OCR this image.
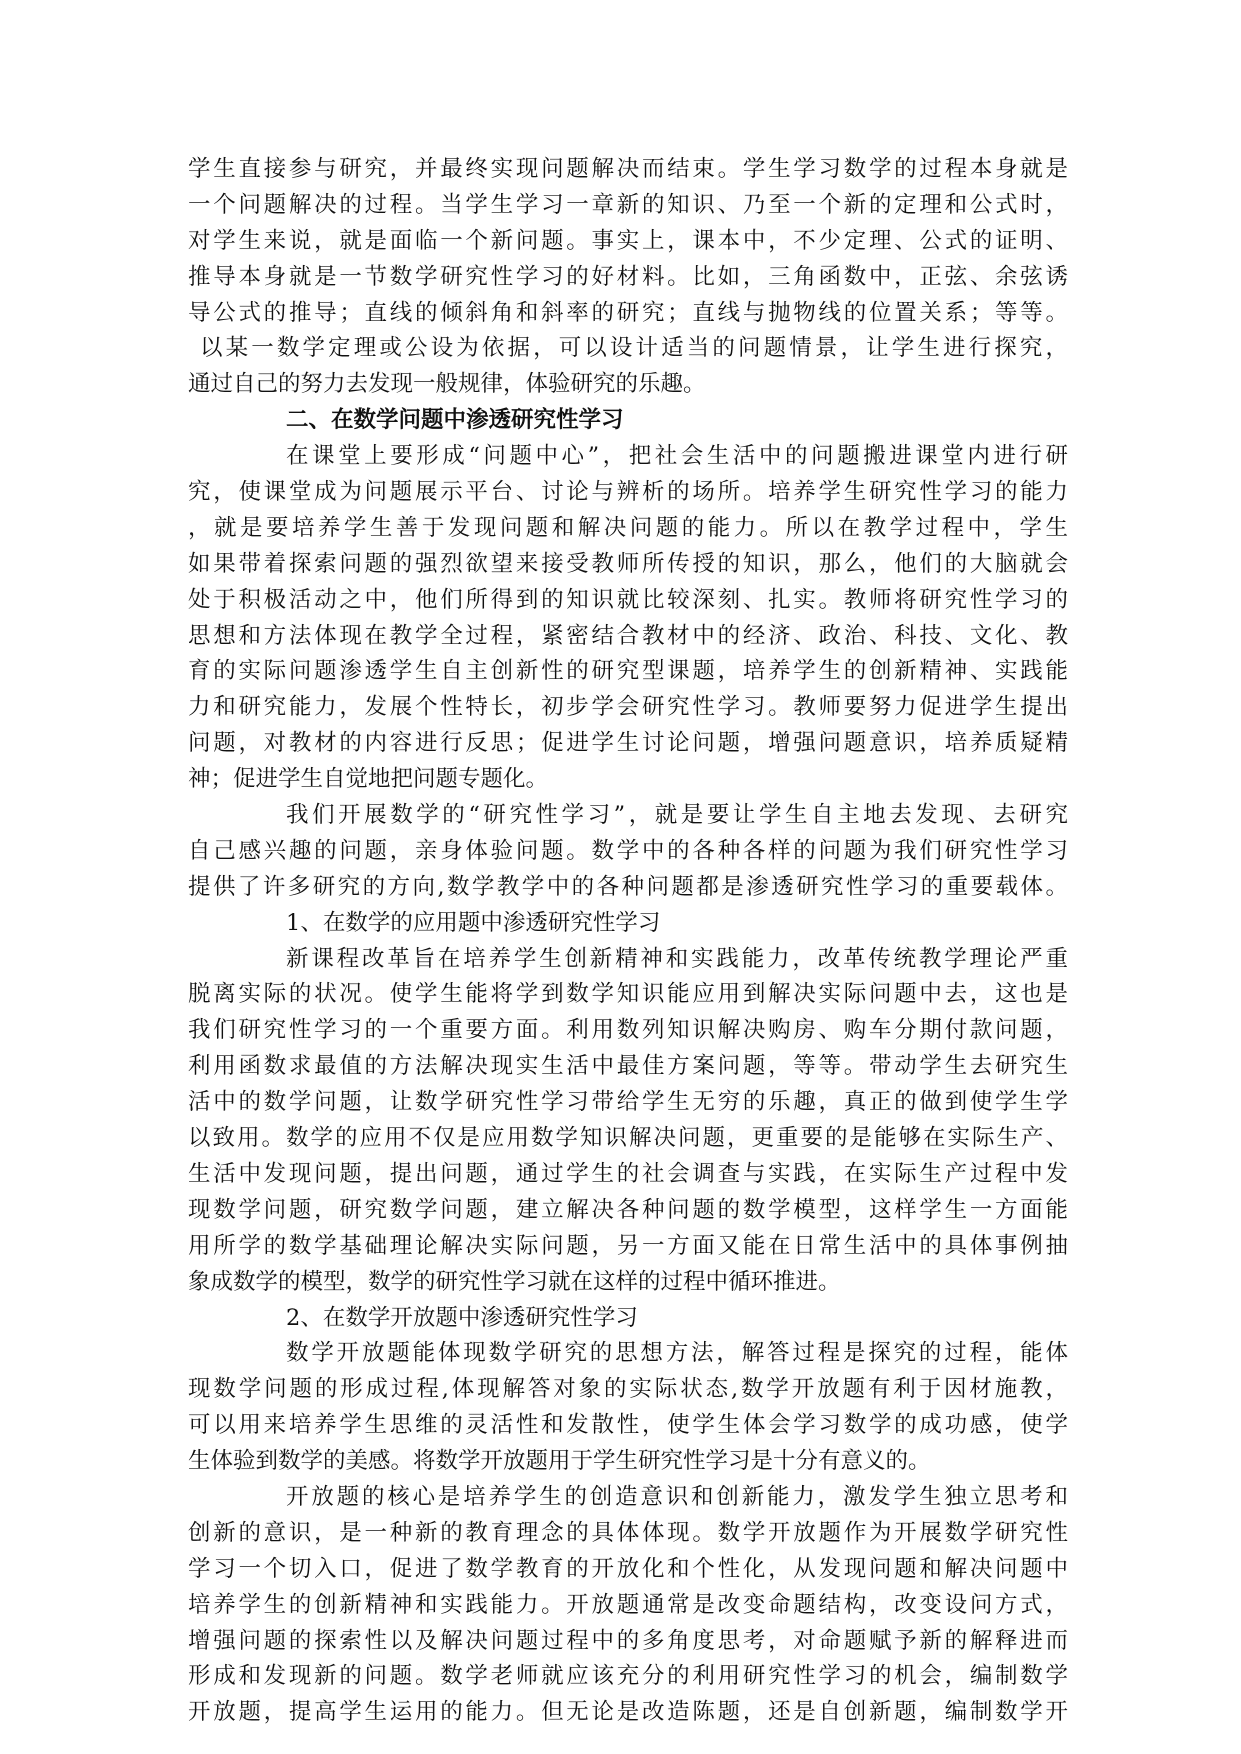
学生直接参与研究，并最终实现问题解决而结束。学生学习数学的过程本身就是
一个问题解决的过程。当学生学习一章新的知识、乃至一个新的定理和公式时，
对学生来说，就是面临一个新问题。事实上，课本中，不少定理、公式的证明、
推导本身就是一节数学研究性学习的好材料。比如，三角函数中，正弦、余弦诱
导公式的推导；直线的倾斜角和斜率的研究；直线与抛物线的位置关系；等等。
以某一数学定理或公设为依据，可以设计适当的问题情景，让学生进行探究，
通过自己的努力去发现一般规律，体验研究的乐趣。
二、在数学问题中渗透研究性学习
在课堂上要形成“问题中心”，把社会生活中的问题搬进课堂内进行研
究，使课堂成为问题展示平台、讨论与辨析的场所。培养学生研究性学习的能力
，就是要培养学生善于发现问题和解决问题的能力。所以在教学过程中，学生
如果带着探索问题的强烈欲望来接受教师所传授的知识，那么，他们的大脑就会
处于积极活动之中，他们所得到的知识就比较深刻、扎实。教师将研究性学习的
思想和方法体现在教学全过程，紧密结合教材中的经济、政治、科技、文化、教
育的实际问题渗透学生自主创新性的研究型课题，培养学生的创新精神、实践能
力和研究能力，发展个性特长，初步学会研究性学习。教师要努力促进学生提出
问题，对教材的内容进行反思；促进学生讨论问题，增强问题意识，培养质疑精
神；促进学生自觉地把问题专题化。
我们开展数学的“研究性学习”，就是要让学生自主地去发现、去研究
自己感兴趣的问题，亲身体验问题。数学中的各种各样的问题为我们研究性学习
提供了许多研究的方向,数学教学中的各种问题都是渗透研究性学习的重要载体。
1、在数学的应用题中渗透研究性学习
新课程改革旨在培养学生创新精神和实践能力，改革传统教学理论严重
脱离实际的状况。使学生能将学到数学知识能应用到解决实际问题中去，这也是
我们研究性学习的一个重要方面。利用数列知识解决购房、购车分期付款问题，
利用函数求最值的方法解决现实生活中最佳方案问题，等等。带动学生去研究生
活中的数学问题，让数学研究性学习带给学生无穷的乐趣，真正的做到使学生学
以致用。数学的应用不仅是应用数学知识解决问题，更重要的是能够在实际生产、
生活中发现问题，提出问题，通过学生的社会调查与实践，在实际生产过程中发
现数学问题，研究数学问题，建立解决各种问题的数学模型，这样学生一方面能
用所学的数学基础理论解决实际问题，另一方面又能在日常生活中的具体事例抽
象成数学的模型，数学的研究性学习就在这样的过程中循环推进。
2、在数学开放题中渗透研究性学习
数学开放题能体现数学研究的思想方法，解答过程是探究的过程，能体
现数学问题的形成过程,体现解答对象的实际状态,数学开放题有利于因材施教，
可以用来培养学生思维的灵活性和发散性，使学生体会学习数学的成功感，使学
生体验到数学的美感。将数学开放题用于学生研究性学习是十分有意义的。
开放题的核心是培养学生的创造意识和创新能力，激发学生独立思考和
创新的意识，是一种新的教育理念的具体体现。数学开放题作为开展数学研究性
学习一个切入口，促进了数学教育的开放化和个性化，从发现问题和解决问题中
培养学生的创新精神和实践能力。开放题通常是改变命题结构，改变设问方式，
增强问题的探索性以及解决问题过程中的多角度思考，对命题赋予新的解释进而
形成和发现新的问题。数学老师就应该充分的利用研究性学习的机会，编制数学
开放题，提高学生运用的能力。但无论是改造陈题，还是自创新题，编制数学开
